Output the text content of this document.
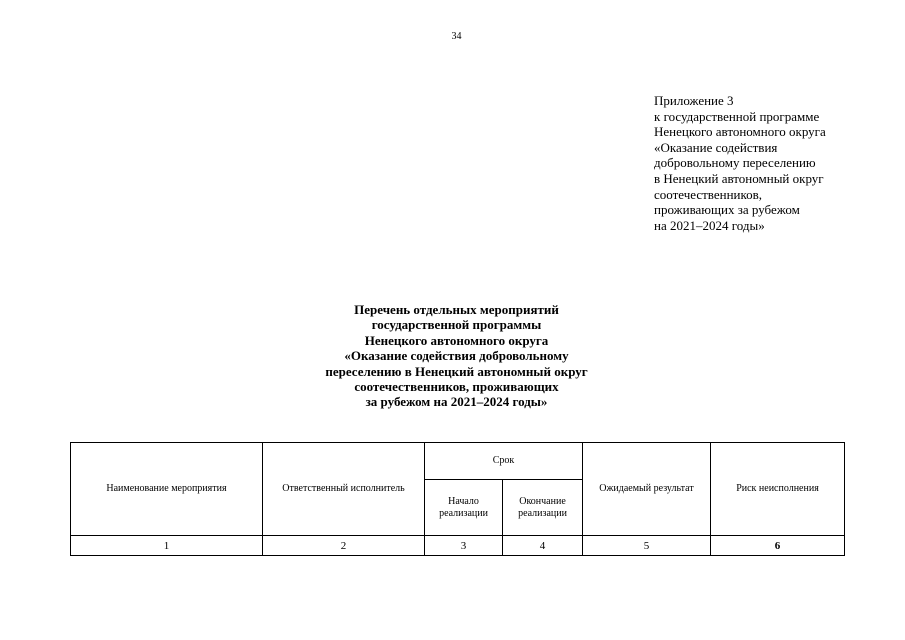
34
Приложение 3
к государственной программе
Ненецкого автономного округа
«Оказание содействия
добровольному переселению
в Ненецкий автономный округ
соотечественников,
проживающих за рубежом
на 2021–2024 годы»
Перечень отдельных мероприятий
государственной программы
Ненецкого автономного округа
«Оказание содействия добровольному
переселению в Ненецкий автономный округ
соотечественников, проживающих
за рубежом на 2021–2024 годы»
Наименование мероприятия	Ответственный исполнитель	Срок		Ожидаемый результат	Риск неисполнения
		Начало
реализации	Окончание
реализации		
1	2	3	4	5	6
